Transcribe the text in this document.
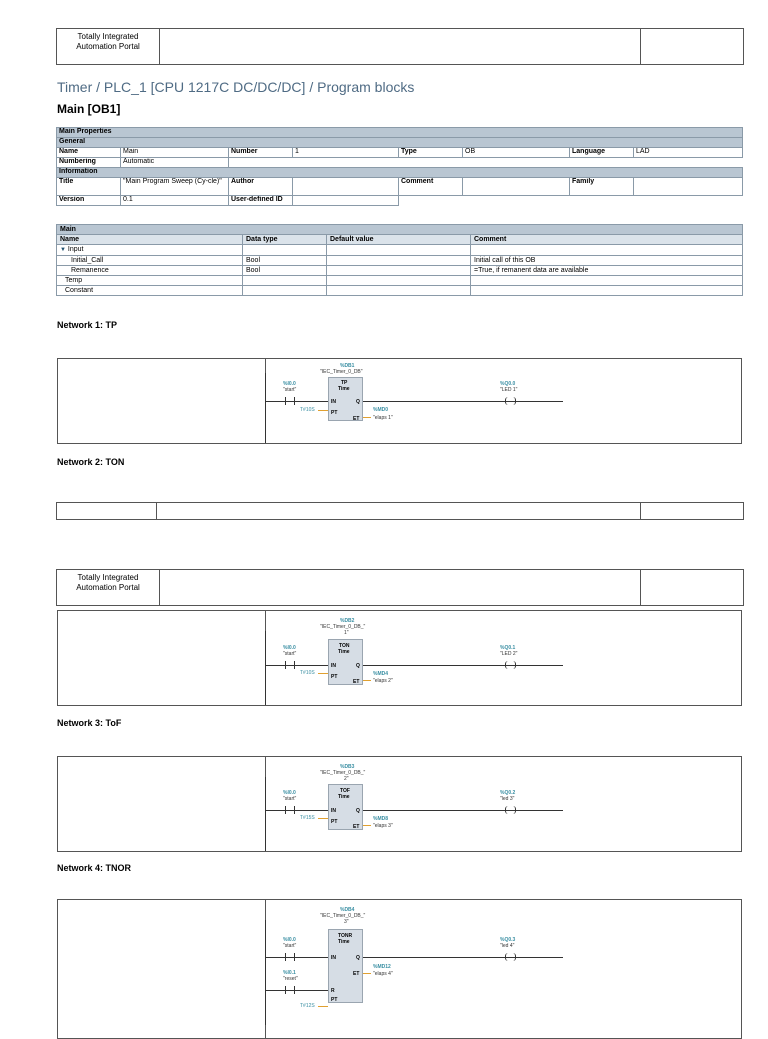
Totally Integrated Automation Portal
Timer / PLC_1 [CPU 1217C DC/DC/DC] / Program blocks
Main [OB1]
Main Properties							
General							
Name	Main	Number	1	Type	OB	Language	LAD
Numbering	Automatic						
Information							
Title	"Main Program Sweep (Cy-cle)"	Author		Comment		Family	
Version	0.1	User-defined ID					
Main			
Name	Data type	Default value	Comment
▼ Input			
Initial_Call	Bool		Initial call of this OB
Remanence	Bool		=True, if remanent data are available
Temp			
Constant			
Network 1: TP
%I0.0
"start"
%DB1
"IEC_Timer_0_DB"
TP
Time
IN
PT
Q
ET
T#10S
%Q0.0
"LED 1"
%MD0
"elaps 1"
Network 2: TON
Totally Integrated Automation Portal
%I0.0
"start"
%DB2
"IEC_Timer_0_DB_"
1"
TON
Time
IN
PT
Q
ET
T#10S
%Q0.1
"LED 2"
%MD4
"elaps 2"
Network 3: ToF
%I0.0
"start"
%DB3
"IEC_Timer_0_DB_"
2"
TOF
Time
IN
PT
Q
ET
T#15S
%Q0.2
"led 3"
%MD8
"elaps 3"
Network 4: TNOR
%I0.0
"start"
%I0.1
"reset"
%DB4
"IEC_Timer_0_DB_"
3"
TONR
Time
IN
R
PT
Q
ET
T#12S
%Q0.3
"led 4"
%MD12
"elaps 4"
